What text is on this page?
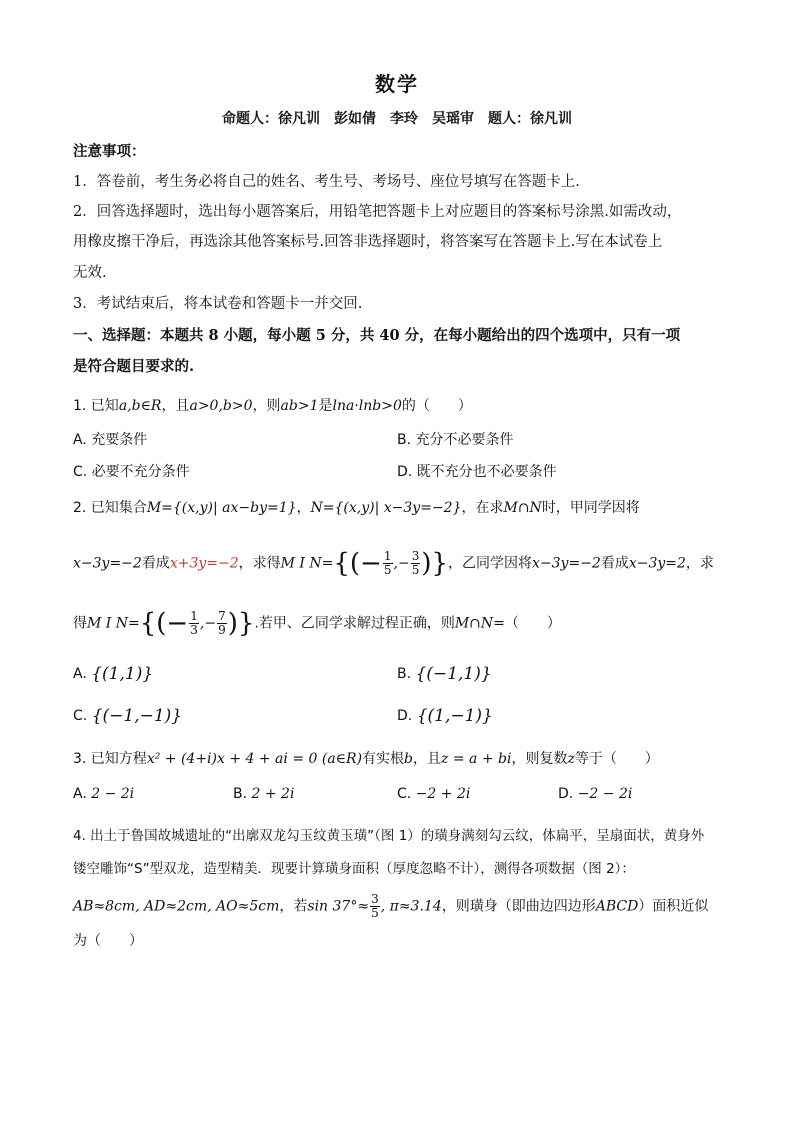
数学
命题人：徐凡训　彭如倩　李玲　吴瑶审　题人：徐凡训
注意事项：
1．答卷前，考生务必将自己的姓名、考生号、考场号、座位号填写在答题卡上.
2．回答选择题时，选出每小题答案后，用铅笔把答题卡上对应题目的答案标号涂黑.如需改动，
用橡皮擦干净后，再选涂其他答案标号.回答非选择题时，将答案写在答题卡上.写在本试卷上
无效.
3．考试结束后，将本试卷和答题卡一并交回.
一、选择题：本题共 8 小题，每小题 5 分，共 40 分，在每小题给出的四个选项中，只有一项
是符合题目要求的.
1. 已知a,b∈R，且a>0,b>0，则ab>1是lna·lnb>0的（　　）
A. 充要条件	B. 充分不必要条件
C. 必要不充分条件	D. 既不充分也不必要条件
2. 已知集合M={(x,y)| ax−by=1}，N={(x,y)| x−3y=−2}，在求M∩N时，甲同学因将
x−3y=−2看成x+3y=−2，求得M I $N=\{(- \frac{1}{5}$ ,− $\frac{3}{5}$ )}，乙同学因将x−3y=−2看成x−3y=2，求
得M I $N=\{(- \frac{1}{3}$ ,− $\frac{7}{9}$ )}.若甲、乙同学求解过程正确，则M∩N=（　　）
A. {(1,1)}	B. {(−1,1)}
C. {(−1,−1)}	D. {(1,−1)}
3. 已知方程x² + (4+i)x + 4 + ai = 0 (a∈R)有实根b，且z = a + bi，则复数z等于（　　）
A. 2 − 2i	B. 2 + 2i	C. −2 + 2i	D. −2 − 2i
4. 出土于鲁国故城遗址的“出廓双龙勾玉纹黄玉璜”（图 1）的璜身满刻勾云纹，体扁平，呈扇面状，黄身外
镂空雕饰“S”型双龙，造型精美．现要计算璜身面积（厚度忽略不计），测得各项数据（图 2）：
AB≈8cm, AD≈2cm, AO≈5cm，若$\sin 37^\circ\approx \frac{3}{5}$ , π≈3.14，则璜身（即曲边四边形ABCD）面积近似
为（　　）
